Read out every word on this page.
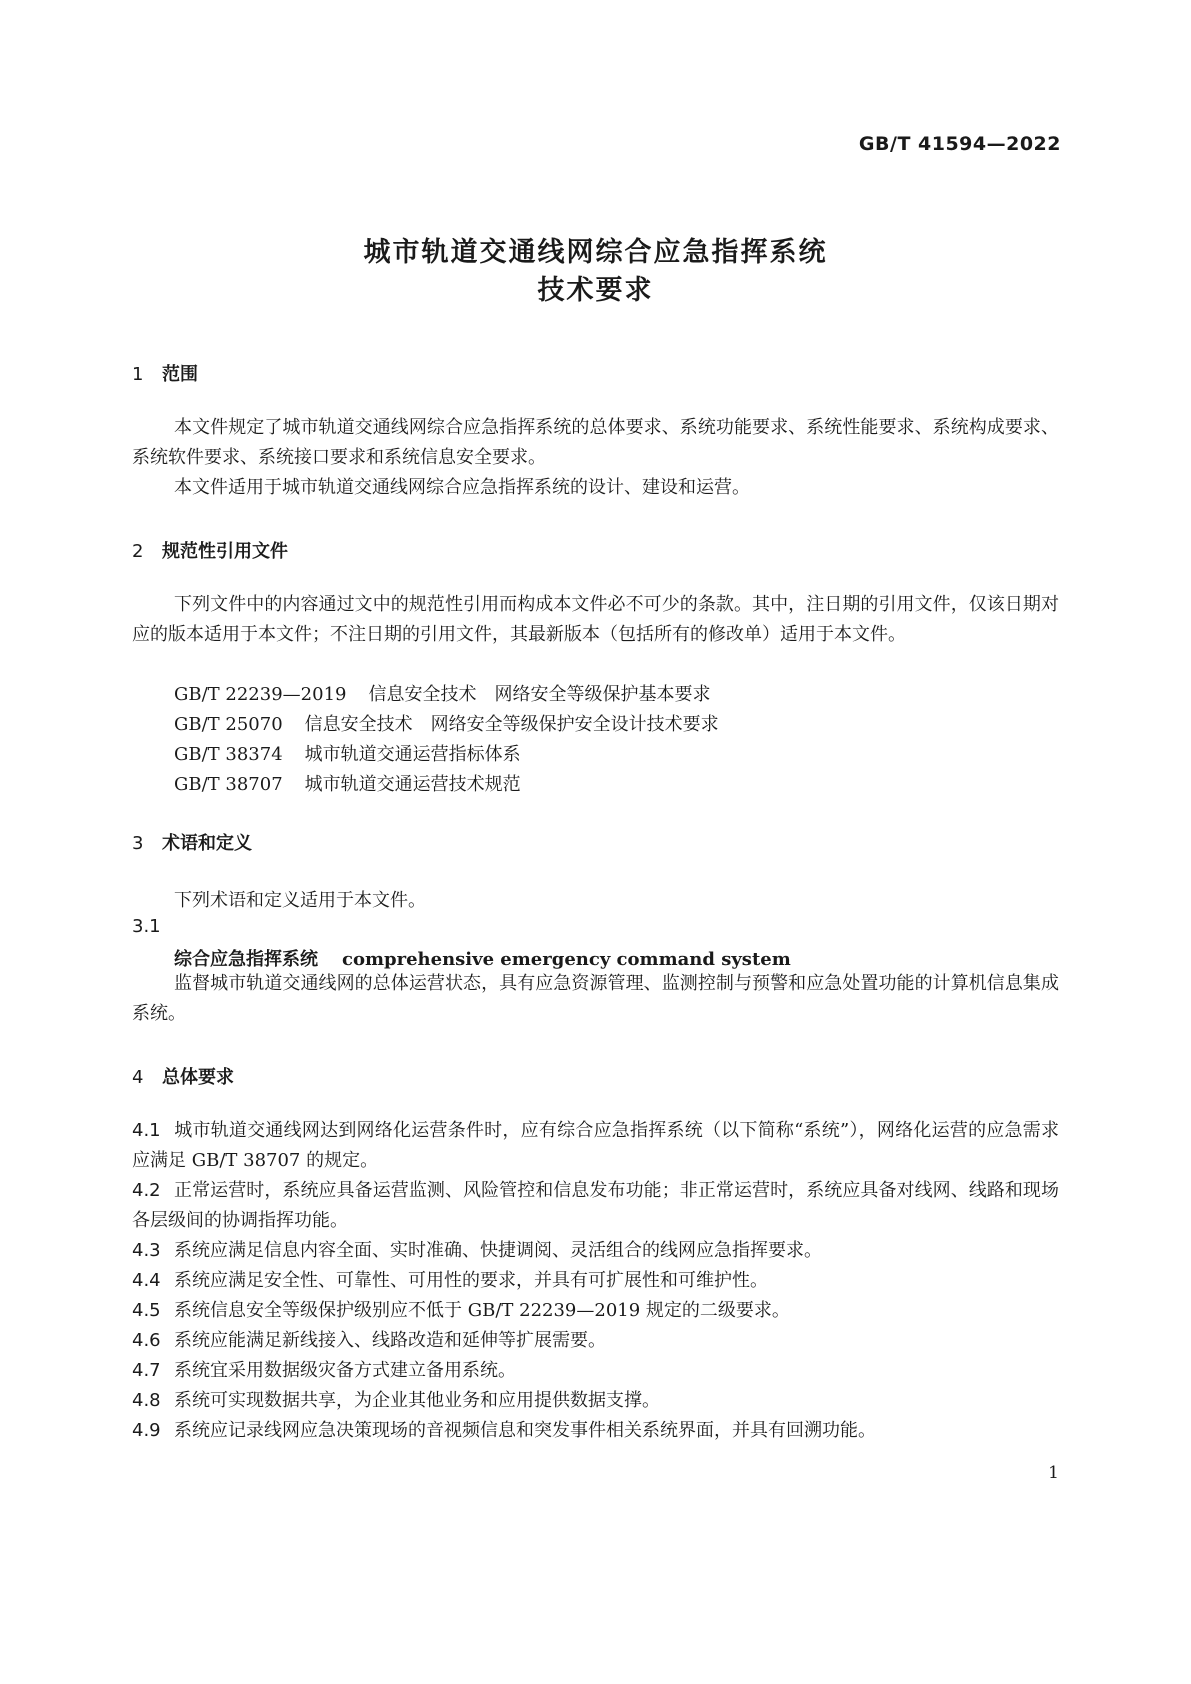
GB/T 41594—2022
城市轨道交通线网综合应急指挥系统
技术要求
1 范围
本文件规定了城市轨道交通线网综合应急指挥系统的总体要求、系统功能要求、系统性能要求、系统构成要求、系统软件要求、系统接口要求和系统信息安全要求。
本文件适用于城市轨道交通线网综合应急指挥系统的设计、建设和运营。
2 规范性引用文件
下列文件中的内容通过文中的规范性引用而构成本文件必不可少的条款。其中，注日期的引用文件，仅该日期对应的版本适用于本文件；不注日期的引用文件，其最新版本（包括所有的修改单）适用于本文件。
GB/T 22239—2019 信息安全技术 网络安全等级保护基本要求
GB/T 25070 信息安全技术 网络安全等级保护安全设计技术要求
GB/T 38374 城市轨道交通运营指标体系
GB/T 38707 城市轨道交通运营技术规范
3 术语和定义
下列术语和定义适用于本文件。
3.1
综合应急指挥系统 comprehensive emergency command system
监督城市轨道交通线网的总体运营状态，具有应急资源管理、监测控制与预警和应急处置功能的计算机信息集成系统。
4 总体要求
4.1 城市轨道交通线网达到网络化运营条件时，应有综合应急指挥系统（以下简称“系统”），网络化运营的应急需求应满足 GB/T 38707 的规定。
4.2 正常运营时，系统应具备运营监测、风险管控和信息发布功能；非正常运营时，系统应具备对线网、线路和现场各层级间的协调指挥功能。
4.3 系统应满足信息内容全面、实时准确、快捷调阅、灵活组合的线网应急指挥要求。
4.4 系统应满足安全性、可靠性、可用性的要求，并具有可扩展性和可维护性。
4.5 系统信息安全等级保护级别应不低于 GB/T 22239—2019 规定的二级要求。
4.6 系统应能满足新线接入、线路改造和延伸等扩展需要。
4.7 系统宜采用数据级灾备方式建立备用系统。
4.8 系统可实现数据共享，为企业其他业务和应用提供数据支撑。
4.9 系统应记录线网应急决策现场的音视频信息和突发事件相关系统界面，并具有回溯功能。
1
